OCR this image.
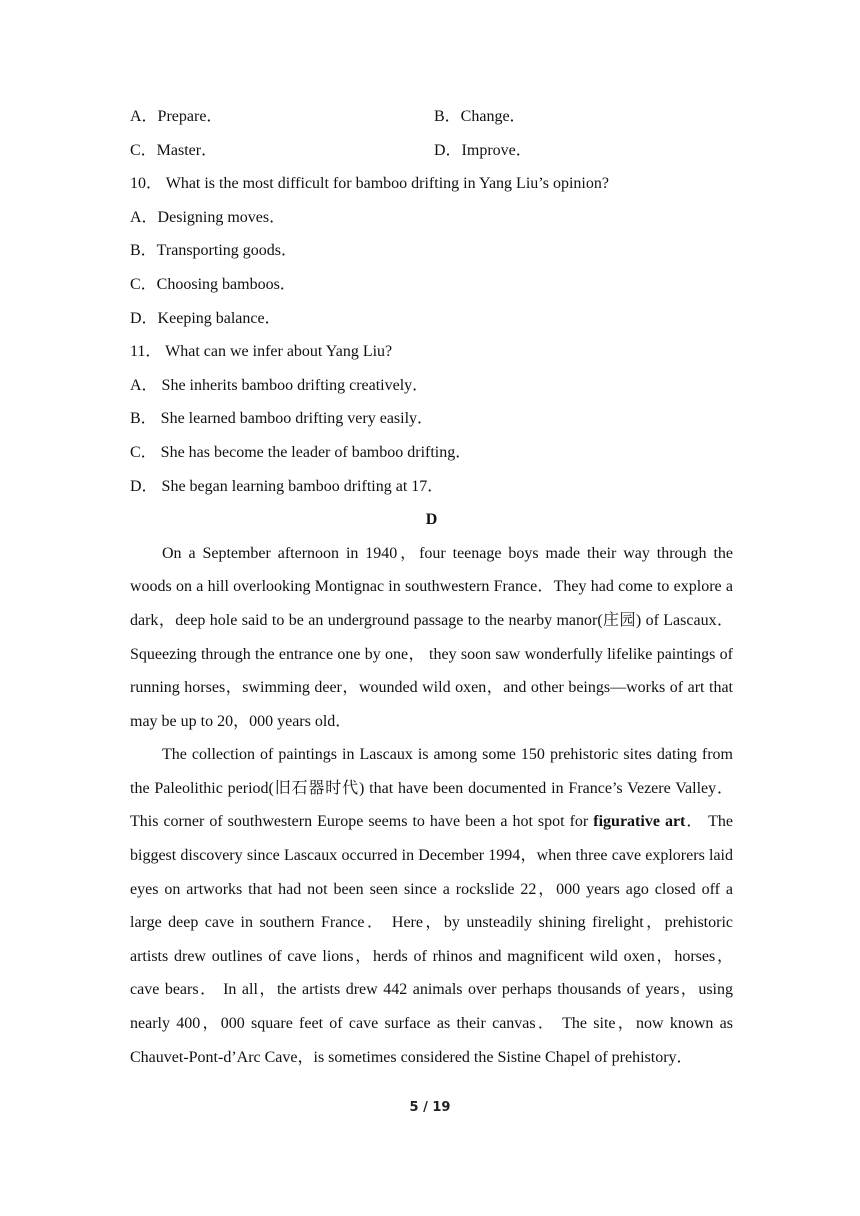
A．Prepare．	B．Change．
C．Master．	D．Improve．
10． What is the most difficult for bamboo drifting in Yang Liu’s opinion?
A．Designing moves．
B．Transporting goods．
C．Choosing bamboos．
D．Keeping balance．
11． What can we infer about Yang Liu?
A． She inherits bamboo drifting creatively．
B． She learned bamboo drifting very easily．
C． She has become the leader of bamboo drifting．
D． She began learning bamboo drifting at 17．
D

On a September afternoon in 1940，four teenage boys made their way through the woods on a hill overlooking Montignac in southwestern France．They had come to explore a dark，deep hole said to be an underground passage to the nearby manor(庄园) of Lascaux． Squeezing through the entrance one by one， they soon saw wonderfully lifelike paintings of running horses，swimming deer，wounded wild oxen，and other beings—works of art that may be up to 20，000 years old．

The collection of paintings in Lascaux is among some 150 prehistoric sites dating from the Paleolithic period(旧石器时代) that have been documented in France’s Vezere Valley．This corner of southwestern Europe seems to have been a hot spot for figurative art． The biggest discovery since Lascaux occurred in December 1994，when three cave explorers laid eyes on artworks that had not been seen since a rockslide 22，000 years ago closed off a large deep cave in southern France． Here，by unsteadily shining firelight，prehistoric artists drew outlines of cave lions，herds of rhinos and magnificent wild oxen，horses，cave bears． In all，the artists drew 442 animals over perhaps thousands of years，using nearly 400，000 square feet of cave surface as their canvas． The site，now known as Chauvet-Pont-d’Arc Cave，is sometimes considered the Sistine Chapel of prehistory．

5 / 19
